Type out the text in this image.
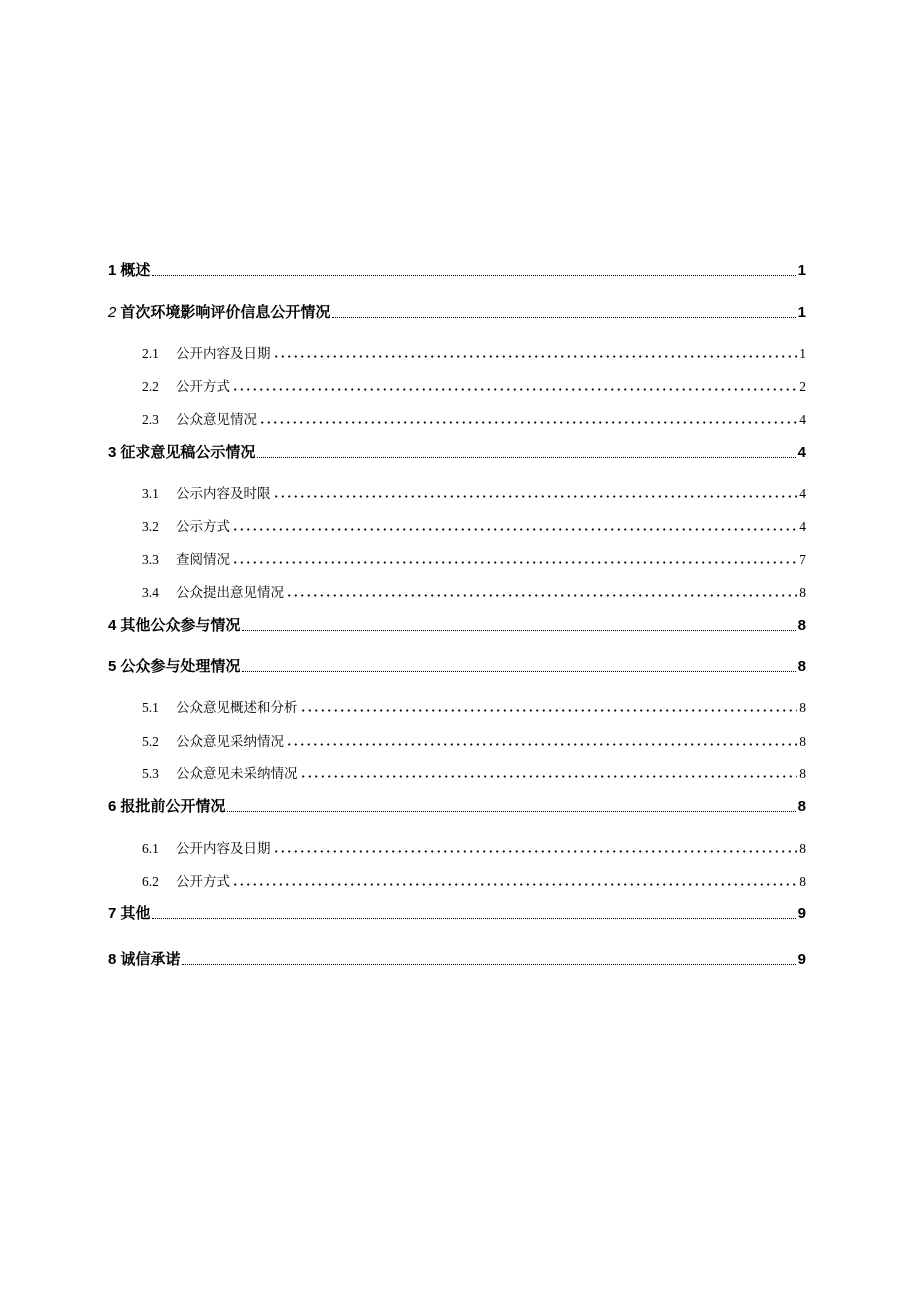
1 概述	1
2 首次环境影响评价信息公开情况	1
2.1 公开内容及日期	1
2.2 公开方式	2
2.3 公众意见情况	4
3 征求意见稿公示情况	4
3.1 公示内容及时限	4
3.2 公示方式	4
3.3 查阅情况	7
3.4 公众提出意见情况	8
4 其他公众参与情况	8
5 公众参与处理情况	8
5.1 公众意见概述和分析	8
5.2 公众意见采纳情况	8
5.3 公众意见未采纳情况	8
6 报批前公开情况	8
6.1 公开内容及日期	8
6.2 公开方式	8
7 其他	9
8 诚信承诺	9
